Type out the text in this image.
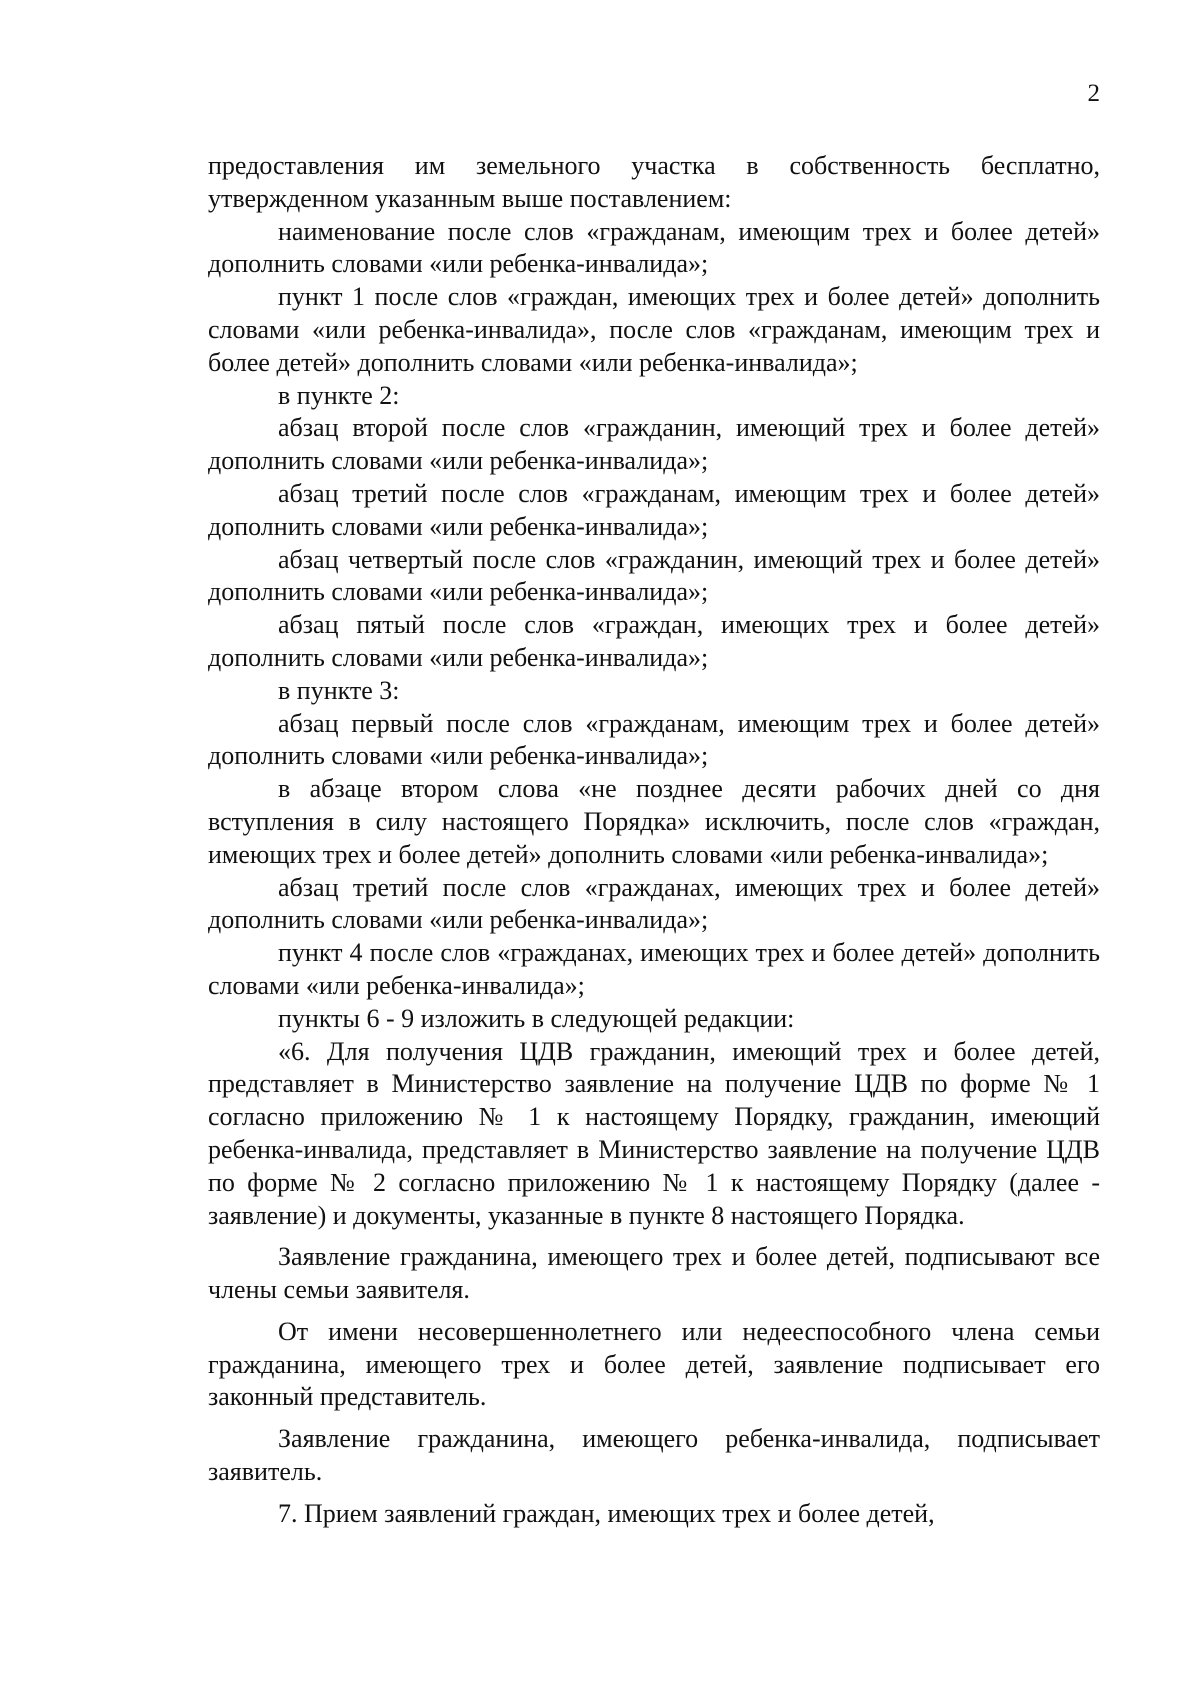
2

предоставления им земельного участка в собственность бесплатно, утвержденном указанным выше поставлением:

наименование после слов «гражданам, имеющим трех и более детей» дополнить словами «или ребенка-инвалида»;

пункт 1 после слов «граждан, имеющих трех и более детей» дополнить словами «или ребенка-инвалида», после слов «гражданам, имеющим трех и более детей» дополнить словами «или ребенка-инвалида»;

в пункте 2:

абзац второй после слов «гражданин, имеющий трех и более детей» дополнить словами «или ребенка-инвалида»;

абзац третий после слов «гражданам, имеющим трех и более детей» дополнить словами «или ребенка-инвалида»;

абзац четвертый после слов «гражданин, имеющий трех и более детей» дополнить словами «или ребенка-инвалида»;

абзац пятый после слов «граждан, имеющих трех и более детей» дополнить словами «или ребенка-инвалида»;

в пункте 3:

абзац первый после слов «гражданам, имеющим трех и более детей» дополнить словами «или ребенка-инвалида»;

в абзаце втором слова «не позднее десяти рабочих дней со дня вступления в силу настоящего Порядка» исключить, после слов «граждан, имеющих трех и более детей» дополнить словами «или ребенка-инвалида»;

абзац третий после слов «гражданах, имеющих трех и более детей» дополнить словами «или ребенка-инвалида»;

пункт 4 после слов «гражданах, имеющих трех и более детей» дополнить словами «или ребенка-инвалида»;

пункты 6 - 9 изложить в следующей редакции:

«6. Для получения ЦДВ гражданин, имеющий трех и более детей, представляет в Министерство заявление на получение ЦДВ по форме № 1 согласно приложению № 1 к настоящему Порядку, гражданин, имеющий ребенка-инвалида, представляет в Министерство заявление на получение ЦДВ по форме № 2 согласно приложению № 1 к настоящему Порядку (далее - заявление) и документы, указанные в пункте 8 настоящего Порядка.

Заявление гражданина, имеющего трех и более детей, подписывают все члены семьи заявителя.

От имени несовершеннолетнего или недееспособного члена семьи гражданина, имеющего трех и более детей, заявление подписывает его законный представитель.

Заявление гражданина, имеющего ребенка-инвалида, подписывает заявитель.

7. Прием заявлений граждан, имеющих трех и более детей,
